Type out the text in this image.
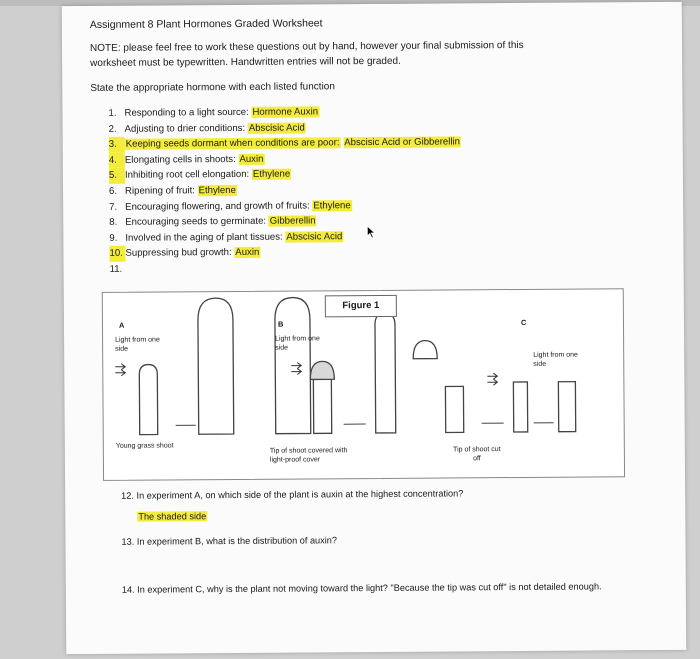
Assignment 8 Plant Hormones Graded Worksheet
NOTE: please feel free to work these questions out by hand, however your final submission of this worksheet must be typewritten. Handwritten entries will not be graded.
State the appropriate hormone with each listed function
1. Responding to a light source: Hormone Auxin
2. Adjusting to drier conditions: Abscisic Acid
3. Keeping seeds dormant when conditions are poor: Abscisic Acid or Gibberellin
4. Elongating cells in shoots: Auxin
5. Inhibiting root cell elongation: Ethylene
6. Ripening of fruit: Ethylene
7. Encouraging flowering, and growth of fruits: Ethylene
8. Encouraging seeds to germinate: Gibberellin
9. Involved in the aging of plant tissues: Abscisic Acid
10. Suppressing bud growth: Auxin
11.
Figure 1
A	B	C
Light from one side
Light from one side
Light from one side
Young grass shoot
Tip of shoot covered with light-proof cover
Tip of shoot cut off
12. In experiment A, on which side of the plant is auxin at the highest concentration?
The shaded side
13. In experiment B, what is the distribution of auxin?
14. In experiment C, why is the plant not moving toward the light? "Because the tip was cut off" is not detailed enough.
